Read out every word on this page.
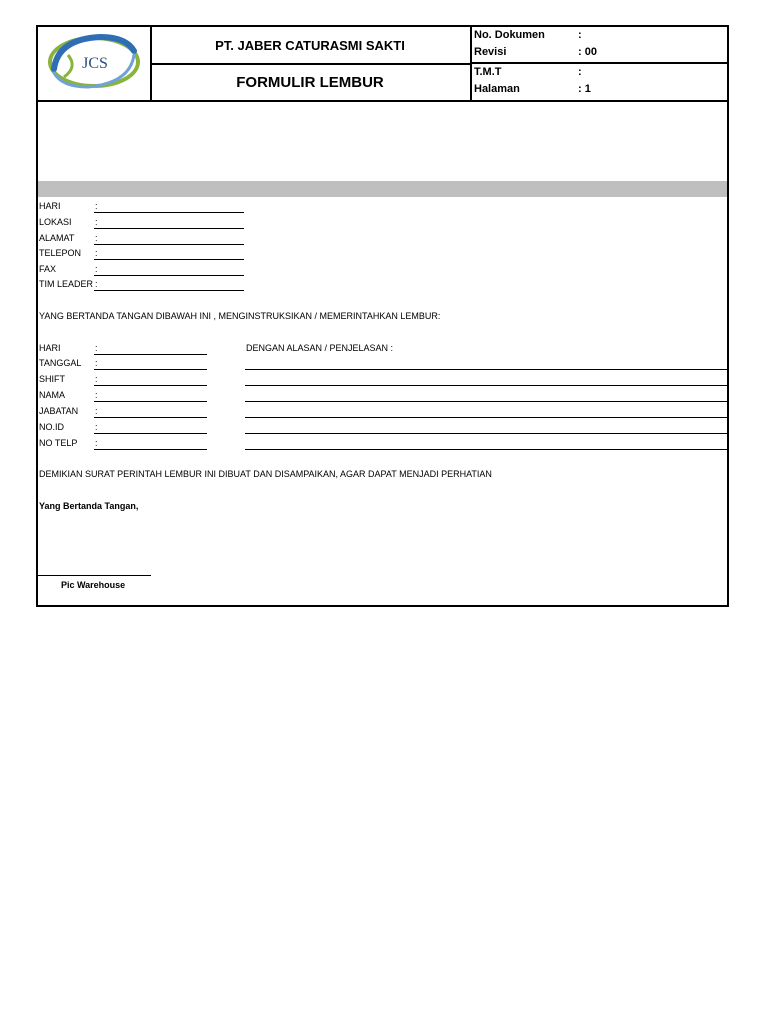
JCS
PT. JABER CATURASMI SAKTI
FORMULIR LEMBUR
No. Dokumen	:
Revisi	: 00
T.M.T	:
Halaman	: 1
HARI	:
LOKASI	:
ALAMAT :
TELEPON :
FAX	:
TIM LEADER :
YANG BERTANDA TANGAN DIBAWAH INI , MENGINSTRUKSIKAN / MEMERINTAHKAN LEMBUR:
HARI	:
TANGGAL :
SHIFT	:
NAMA	:
JABATAN :
NO.ID	:
NO TELP :
DENGAN ALASAN / PENJELASAN :
DEMIKIAN SURAT PERINTAH LEMBUR INI DIBUAT DAN DISAMPAIKAN, AGAR DAPAT MENJADI PERHATIAN
Yang Bertanda Tangan,
Pic Warehouse
